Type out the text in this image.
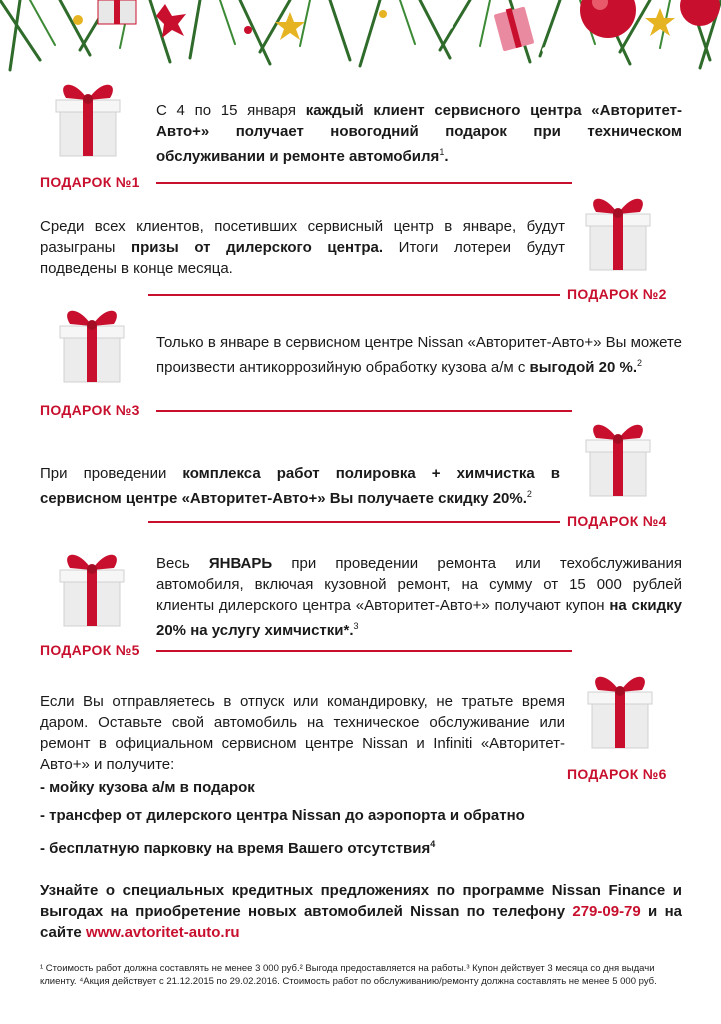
С 4 по 15 января каждый клиент сервисного центра «Авторитет-Авто+» получает новогодний подарок при техническом обслуживании и ремонте автомобиля$^1$.

ПОДАРОК №1

Среди всех клиентов, посетивших сервисный центр в январе, будут разыграны призы от дилерского центра. Итоги лотереи будут подведены в конце месяца.

ПОДАРОК №2

Только в январе в сервисном центре Nissan «Авторитет-Авто+» Вы можете произвести антикоррозийную обработку кузова а/м с выгодой 20 %.$^2$

ПОДАРОК №3

При проведении комплекса работ полировка + химчистка в сервисном центре «Авторитет-Авто+» Вы получаете скидку 20%.$^2$

ПОДАРОК №4

Весь ЯНВАРЬ при проведении ремонта или техобслуживания автомобиля, включая кузовной ремонт, на сумму от 15 000 рублей клиенты дилерского центра «Авторитет-Авто+» получают купон на скидку 20% на услугу химчистки*.$^3$

ПОДАРОК №5

Если Вы отправляетесь в отпуск или командировку, не тратьте время даром. Оставьте свой автомобиль на техническое обслуживание или ремонт в официальном сервисном центре Nissan и Infiniti «Авторитет-Авто+» и получите:

ПОДАРОК №6
- мойку кузова а/м в подарок
- трансфер от дилерского центра Nissan до аэропорта и обратно
- бесплатную парковку на время Вашего отсутствия$^4$

Узнайте о специальных кредитных предложениях по программе Nissan Finance и выгодах на приобретение новых автомобилей Nissan по телефону 279-09-79 и на сайте www.avtoritet-auto.ru

¹ Стоимость работ должна составлять не менее 3 000 руб.² Выгода предоставляется на работы.³ Купон действует 3 месяца со дня выдачи клиенту. ⁴Акция действует с 21.12.2015 по 29.02.2016. Стоимость работ по обслуживанию/ремонту должна составлять не менее 5 000 руб.
